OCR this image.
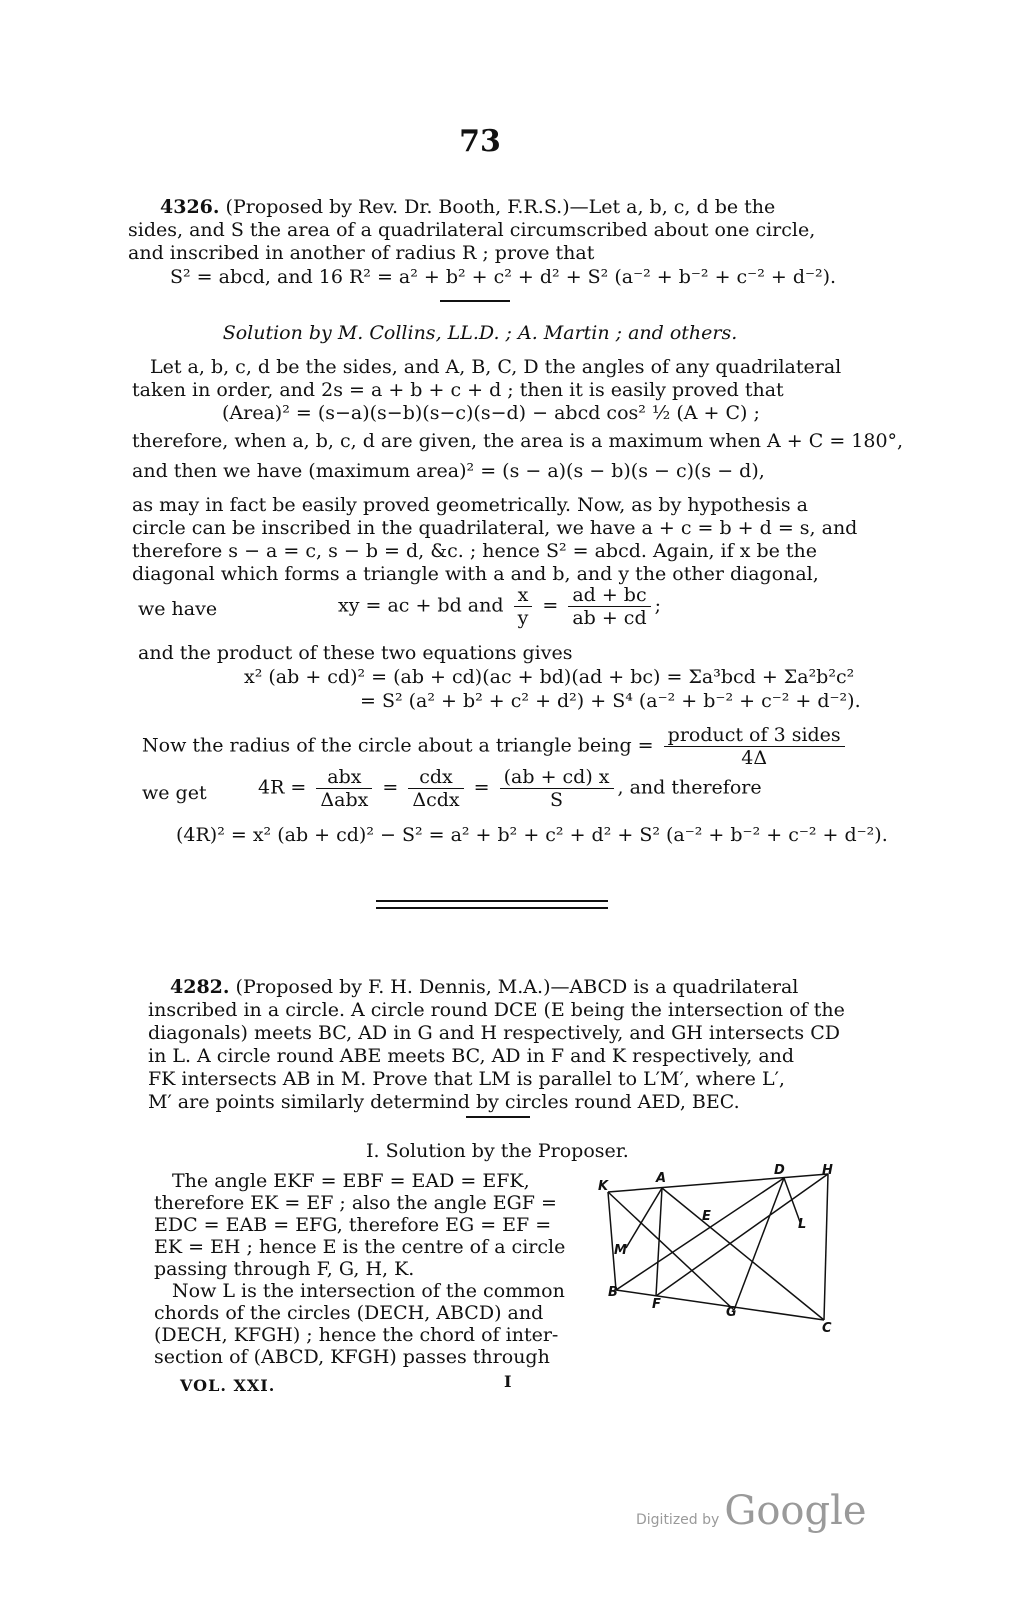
73
4326. (Proposed by Rev. Dr. Booth, F.R.S.)—Let a, b, c, d be the
sides, and S the area of a quadrilateral circumscribed about one circle,
and inscribed in another of radius R ; prove that
S² = abcd, and 16 R² = a² + b² + c² + d² + S² (a⁻² + b⁻² + c⁻² + d⁻²).
Solution by M. Collins, LL.D. ; A. Martin ; and others.
Let a, b, c, d be the sides, and A, B, C, D the angles of any quadrilateral
taken in order, and 2s = a + b + c + d ; then it is easily proved that
(Area)² = (s−a)(s−b)(s−c)(s−d) − abcd cos² ½ (A + C) ;
therefore, when a, b, c, d are given, the area is a maximum when A + C = 180°,
and then we have (maximum area)² = (s − a)(s − b)(s − c)(s − d),
as may in fact be easily proved geometrically. Now, as by hypothesis a
circle can be inscribed in the quadrilateral, we have a + c = b + d = s, and
therefore s − a = c, s − b = d, &c. ; hence S² = abcd. Again, if x be the
diagonal which forms a triangle with a and b, and y the other diagonal,
we have	xy = ac + bd and $\frac{x}{y} = \frac{ad + bc}{ab + cd}$ ;
and the product of these two equations gives
x² (ab + cd)² = (ab + cd)(ac + bd)(ad + bc) = Σa³bcd + Σa²b²c²
= S² (a² + b² + c² + d²) + S⁴ (a⁻² + b⁻² + c⁻² + d⁻²).
Now the radius of the circle about a triangle being = $\frac{\text{product of 3 sides}}{4\Delta}$
we get	$4R = \frac{\text{abx}}{\text{Δabx}} = \frac{\text{cdx}}{\text{Δcdx}} = \frac{(ab + cd) x}{S}$ , and therefore
(4R)² = x² (ab + cd)² − S² = a² + b² + c² + d² + S² (a⁻² + b⁻² + c⁻² + d⁻²).
4282. (Proposed by F. H. Dennis, M.A.)—ABCD is a quadrilateral
inscribed in a circle. A circle round DCE (E being the intersection of the
diagonals) meets BC, AD in G and H respectively, and GH intersects CD
in L. A circle round ABE meets BC, AD in F and K respectively, and
FK intersects AB in M. Prove that LM is parallel to L′M′, where L′,
M′ are points similarly determind by circles round AED, BEC.
I. Solution by the Proposer.
The angle EKF = EBF = EAD = EFK,
therefore EK = EF ; also the angle EGF =
EDC = EAB = EFG, therefore EG = EF =
EK = EH ; hence E is the centre of a circle
passing through F, G, H, K.
Now L is the intersection of the common
chords of the circles (DECH, ABCD) and
(DECH, KFGH) ; hence the chord of inter-
section of (ABCD, KFGH) passes through
K
A
D	H
E
L
M
B
F
G
C
VOL. XXI.	I
Digitized by Google
